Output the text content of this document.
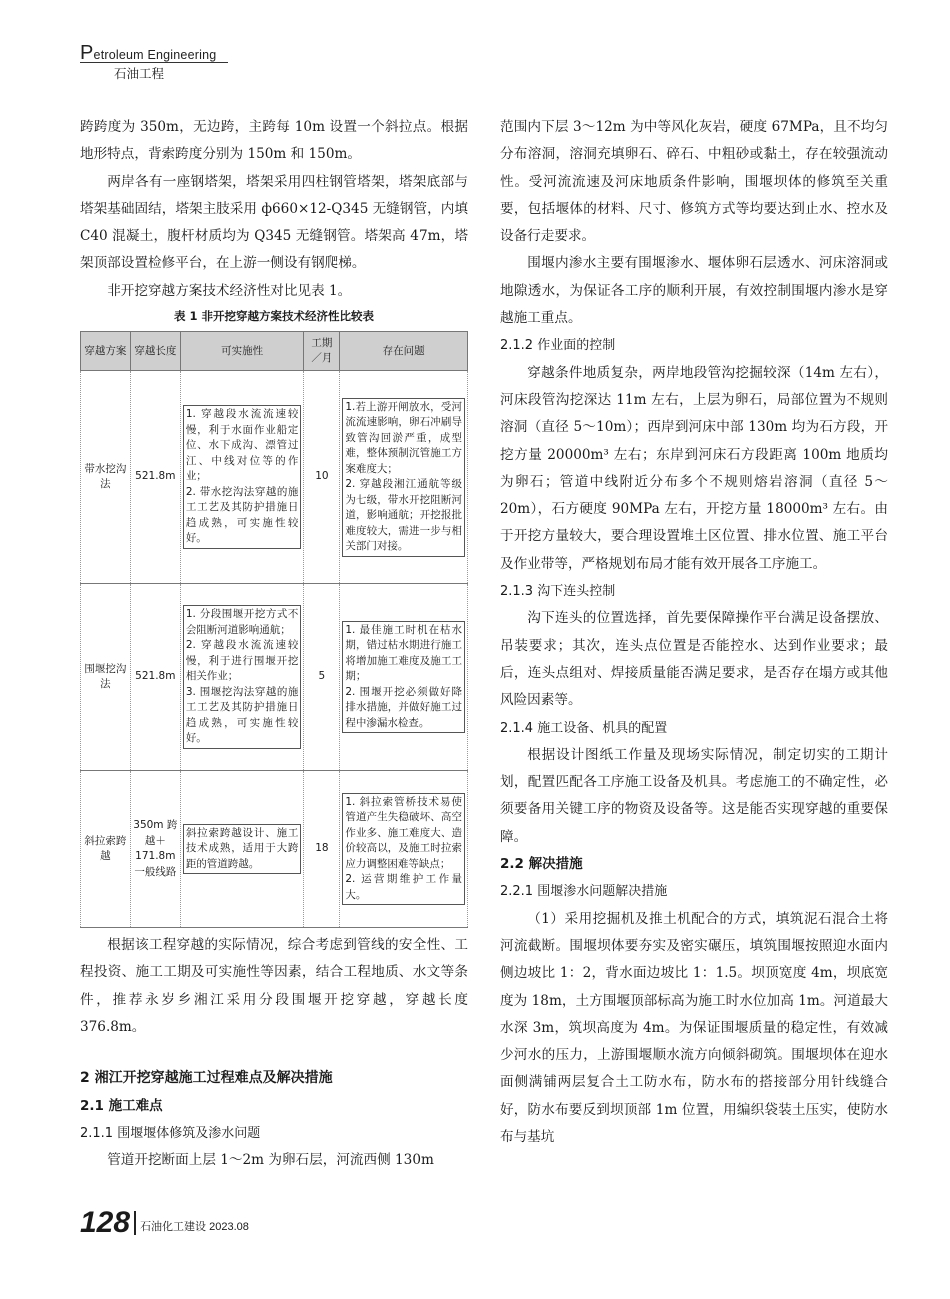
Petroleum Engineering
石油工程

跨跨度为 350m，无边跨，主跨每 10m 设置一个斜拉点。根据地形特点，背索跨度分别为 150m 和 150m。

两岸各有一座钢塔架，塔架采用四柱钢管塔架，塔架底部与塔架基础固结，塔架主肢采用 ф660×12-Q345 无缝钢管，内填 C40 混凝土，腹杆材质均为 Q345 无缝钢管。塔架高 47m，塔架顶部设置检修平台，在上游一侧设有钢爬梯。

非开挖穿越方案技术经济性对比见表 1。

表 1 非开挖穿越方案技术经济性比较表
穿越方案	穿越长度	可实施性	工期／月	存在问题
带水挖沟法	521.8m	1. 穿越段水流流速较慢，利于水面作业船定位、水下成沟、漂管过江、中线对位等的作业；
2. 带水挖沟法穿越的施工工艺及其防护措施日趋成熟，可实施性较好。	10	1.若上游开闸放水，受河流流速影响，卵石冲刷导致管沟回淤严重，成型难，整体预制沉管施工方案难度大；
2. 穿越段湘江通航等级为七级，带水开挖阻断河道，影响通航；开挖报批难度较大，需进一步与相关部门对接。

围堰挖沟法	521.8m	1. 分段围堰开挖方式不会阻断河道影响通航；
2. 穿越段水流流速较慢，利于进行围堰开挖相关作业；
3. 围堰挖沟法穿越的施工工艺及其防护措施日趋成熟，可实施性较好。	5	1. 最佳施工时机在枯水期，错过枯水期进行施工将增加施工难度及施工工期；
2. 围堰开挖必须做好降排水措施，并做好施工过程中渗漏水检查。

斜拉索跨越	350m 跨越＋171.8m一般线路	斜拉索跨越设计、施工技术成熟，适用于大跨距的管道跨越。	18	1. 斜拉索管桥技术易使管道产生失稳破坏、高空作业多、施工难度大、造价较高以，及施工时拉索应力调整困难等缺点；
2. 运营期维护工作量大。

根据该工程穿越的实际情况，综合考虑到管线的安全性、工程投资、施工工期及可实施性等因素，结合工程地质、水文等条件，推荐永岁乡湘江采用分段围堰开挖穿越，穿越长度 376.8m。

2 湘江开挖穿越施工过程难点及解决措施

2.1 施工难点

2.1.1 围堰堰体修筑及渗水问题

管道开挖断面上层 1～2m 为卵石层，河流西侧 130m

范围内下层 3～12m 为中等风化灰岩，硬度 67MPa，且不均匀分布溶洞，溶洞充填卵石、碎石、中粗砂或黏土，存在较强流动性。受河流流速及河床地质条件影响，围堰坝体的修筑至关重要，包括堰体的材料、尺寸、修筑方式等均要达到止水、控水及设备行走要求。

围堰内渗水主要有围堰渗水、堰体卵石层透水、河床溶洞或地隙透水，为保证各工序的顺利开展，有效控制围堰内渗水是穿越施工重点。

2.1.2 作业面的控制

穿越条件地质复杂，两岸地段管沟挖掘较深（14m 左右），河床段管沟挖深达 11m 左右，上层为卵石，局部位置为不规则溶洞（直径 5～10m）；西岸到河床中部 130m 均为石方段，开挖方量 20000m³ 左右；东岸到河床石方段距离 100m 地质均为卵石；管道中线附近分布多个不规则熔岩溶洞（直径 5～20m），石方硬度 90MPa 左右，开挖方量 18000m³ 左右。由于开挖方量较大，要合理设置堆土区位置、排水位置、施工平台及作业带等，严格规划布局才能有效开展各工序施工。

2.1.3 沟下连头控制

沟下连头的位置选择，首先要保障操作平台满足设备摆放、吊装要求；其次，连头点位置是否能控水、达到作业要求；最后，连头点组对、焊接质量能否满足要求，是否存在塌方或其他风险因素等。

2.1.4 施工设备、机具的配置

根据设计图纸工作量及现场实际情况，制定切实的工期计划，配置匹配各工序施工设备及机具。考虑施工的不确定性，必须要备用关键工序的物资及设备等。这是能否实现穿越的重要保障。

2.2 解决措施

2.2.1 围堰渗水问题解决措施

（1）采用挖掘机及推土机配合的方式，填筑泥石混合土将河流截断。围堰坝体要夯实及密实碾压，填筑围堰按照迎水面内侧边坡比 1：2，背水面边坡比 1：1.5。坝顶宽度 4m，坝底宽度为 18m，土方围堰顶部标高为施工时水位加高 1m。河道最大水深 3m，筑坝高度为 4m。为保证围堰质量的稳定性，有效减少河水的压力，上游围堰顺水流方向倾斜砌筑。围堰坝体在迎水面侧满铺两层复合土工防水布，防水布的搭接部分用针线缝合好，防水布要反到坝顶部 1m 位置，用编织袋装土压实，使防水布与基坑

128 石油化工建设 2023.08
